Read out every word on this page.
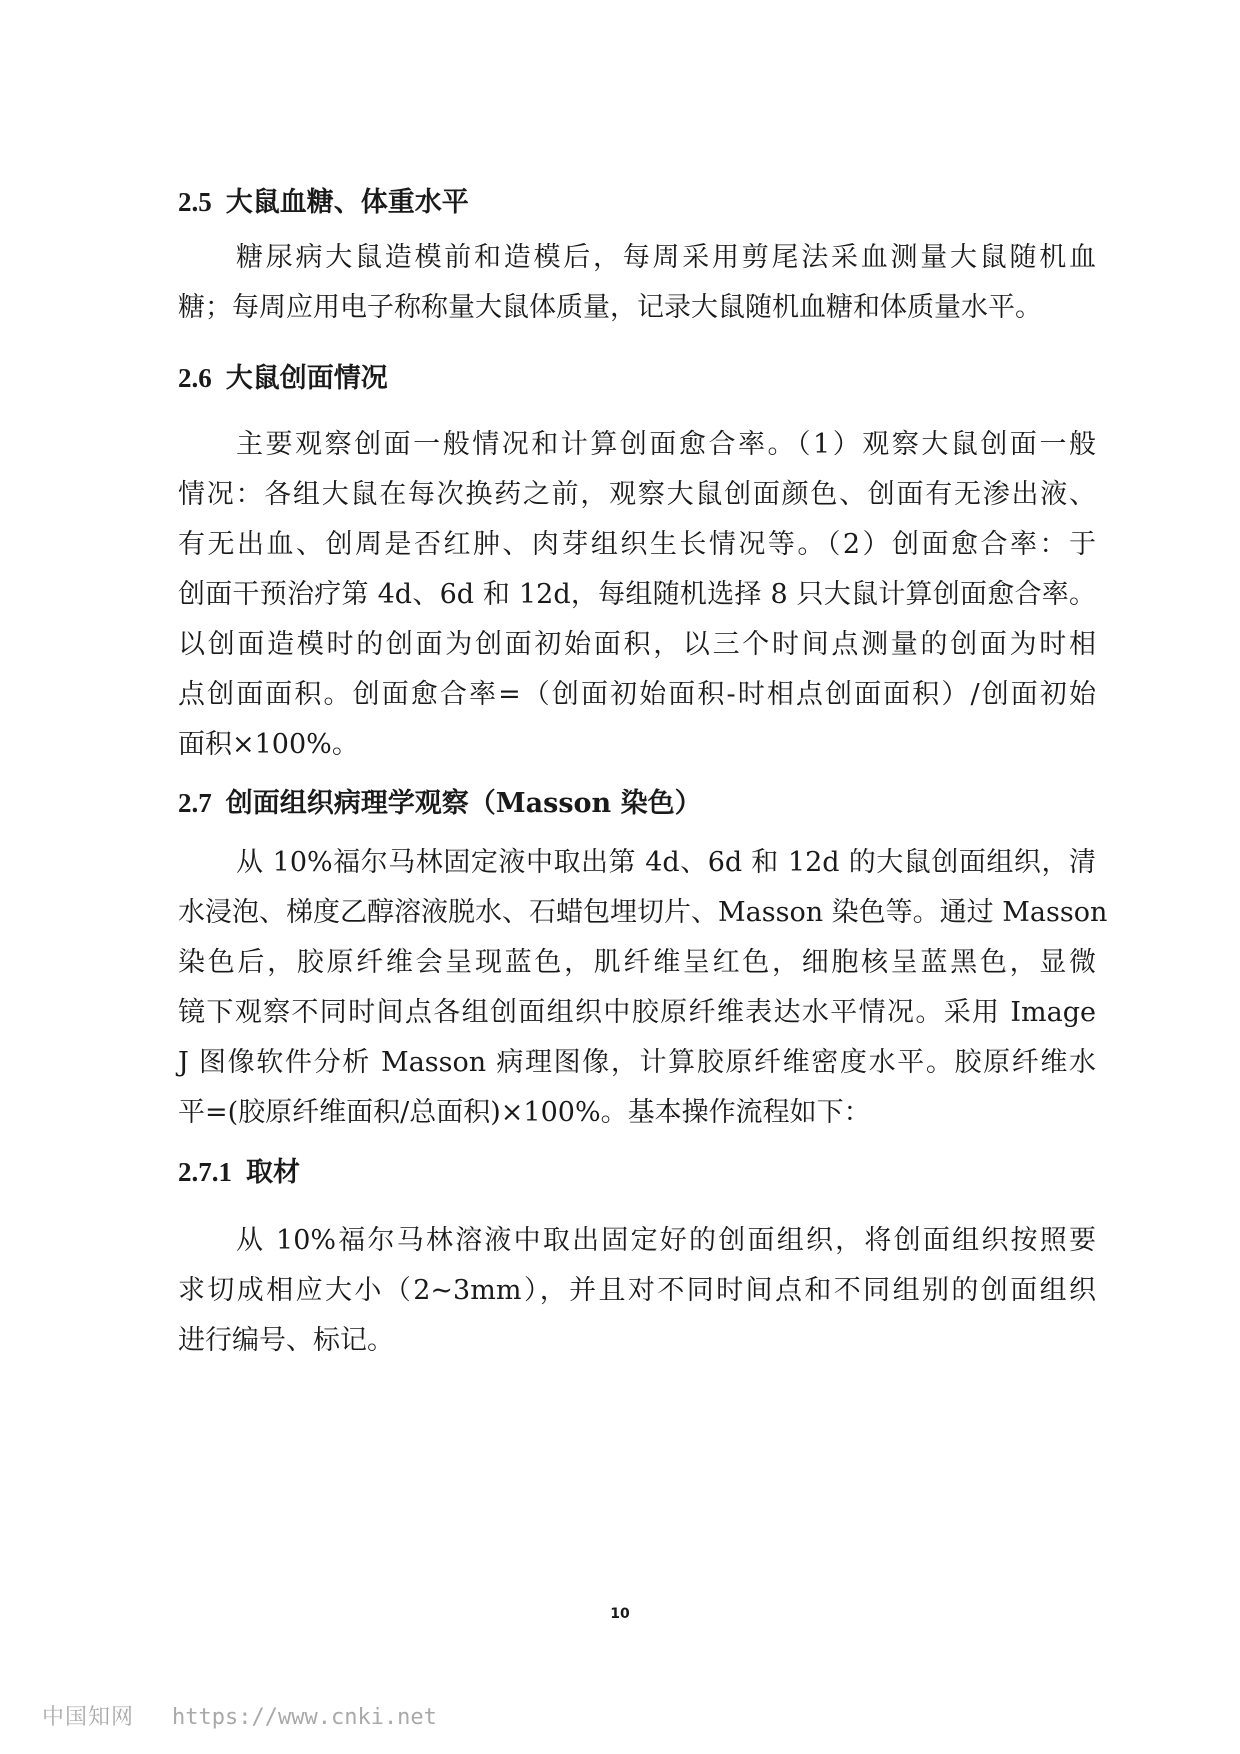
2.5 大鼠血糖、体重水平
糖尿病大鼠造模前和造模后，每周采用剪尾法采血测量大鼠随机血
糖；每周应用电子称称量大鼠体质量，记录大鼠随机血糖和体质量水平。
2.6 大鼠创面情况
主要观察创面一般情况和计算创面愈合率。（1）观察大鼠创面一般
情况：各组大鼠在每次换药之前，观察大鼠创面颜色、创面有无渗出液、
有无出血、创周是否红肿、肉芽组织生长情况等。（2）创面愈合率：于
创面干预治疗第 4d、6d 和 12d，每组随机选择 8 只大鼠计算创面愈合率。
以创面造模时的创面为创面初始面积，以三个时间点测量的创面为时相
点创面面积。创面愈合率=（创面初始面积-时相点创面面积）/创面初始
面积×100%。
2.7 创面组织病理学观察（Masson 染色）
从 10%福尔马林固定液中取出第 4d、6d 和 12d 的大鼠创面组织，清
水浸泡、梯度乙醇溶液脱水、石蜡包埋切片、Masson 染色等。通过 Masson
染色后，胶原纤维会呈现蓝色，肌纤维呈红色，细胞核呈蓝黑色，显微
镜下观察不同时间点各组创面组织中胶原纤维表达水平情况。采用 Image
J 图像软件分析 Masson 病理图像，计算胶原纤维密度水平。胶原纤维水
平=(胶原纤维面积/总面积)×100%。基本操作流程如下：
2.7.1 取材
从 10%福尔马林溶液中取出固定好的创面组织，将创面组织按照要
求切成相应大小（2~3mm），并且对不同时间点和不同组别的创面组织
进行编号、标记。
10
中国知网 https://www.cnki.net
